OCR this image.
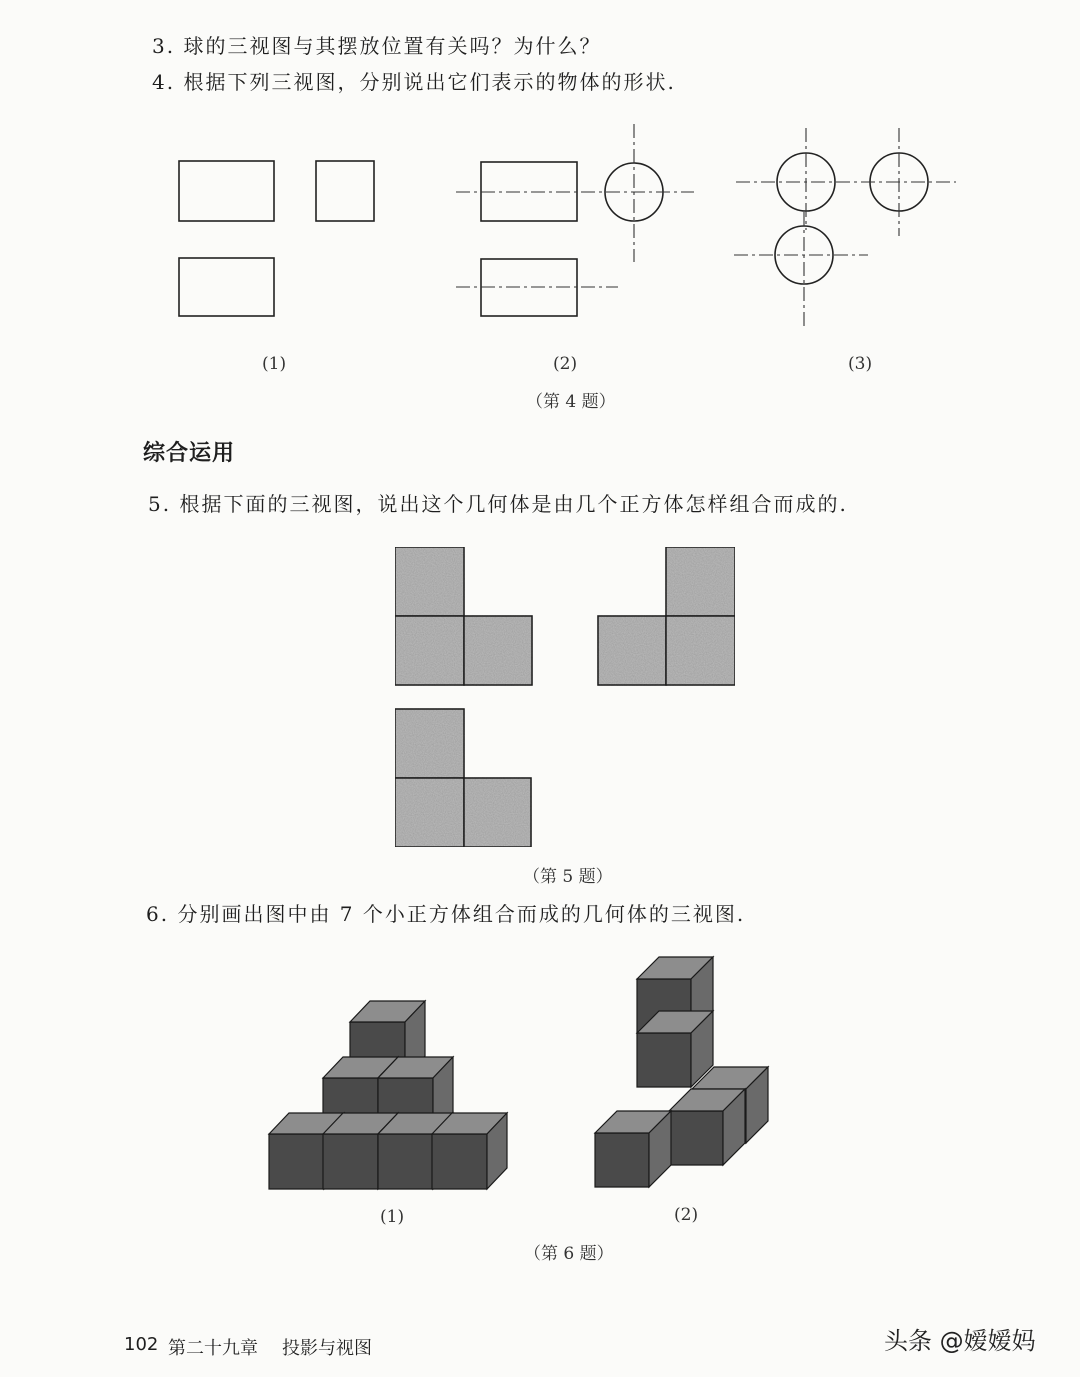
3. 球的三视图与其摆放位置有关吗？为什么？
4. 根据下列三视图，分别说出它们表示的物体的形状.
(1)	(2)	(3)
（第 4 题）
综合运用
5. 根据下面的三视图，说出这个几何体是由几个正方体怎样组合而成的.
（第 5 题）
6. 分别画出图中由 7 个小正方体组合而成的几何体的三视图.
(1)	(2)
（第 6 题）
102 第二十九章 投影与视图	头条 @嫒嫒妈
